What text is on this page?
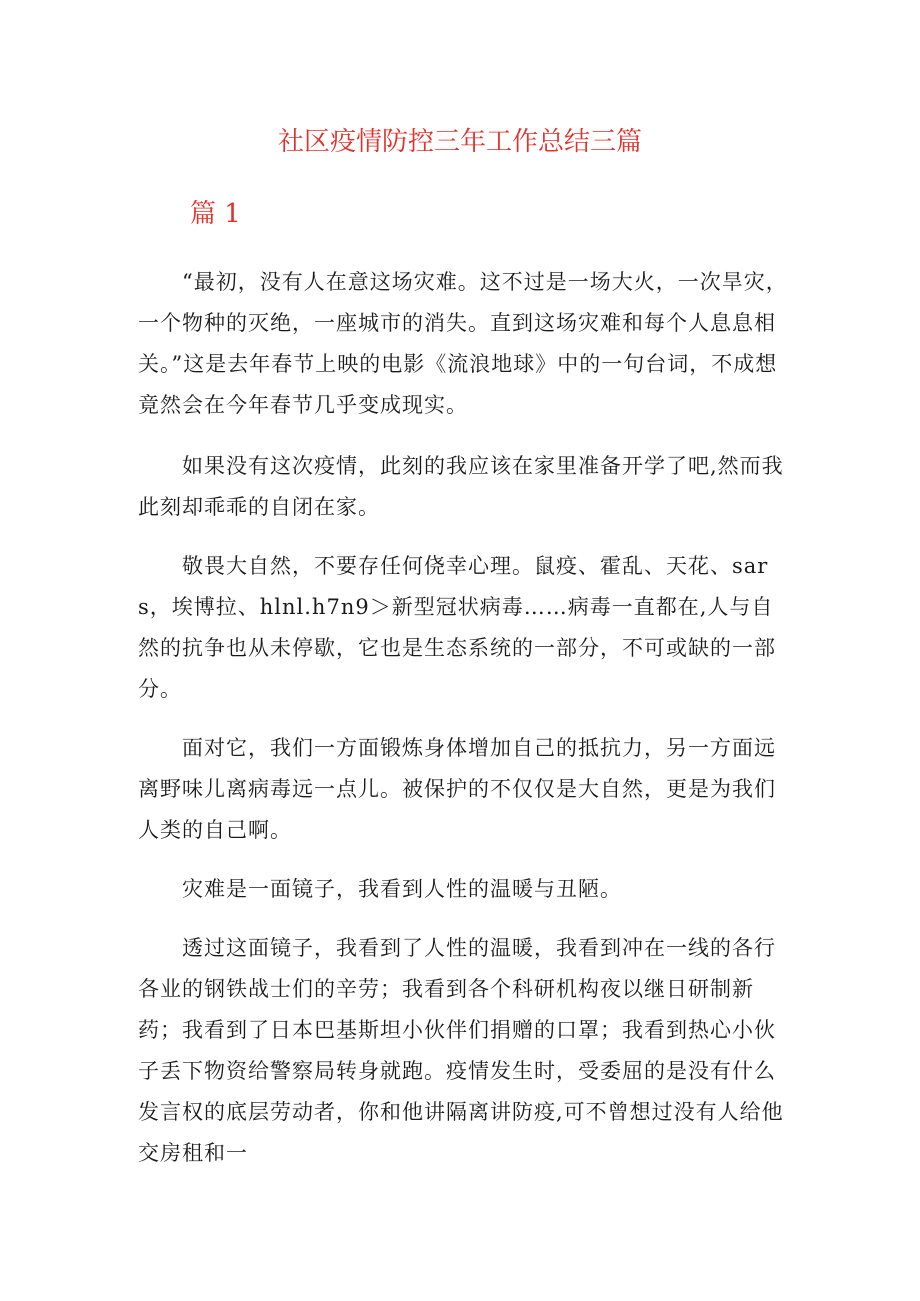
社区疫情防控三年工作总结三篇
篇 1

“最初，没有人在意这场灾难。这不过是一场大火，一次旱灾，一个物种的灭绝，一座城市的消失。直到这场灾难和每个人息息相关。”这是去年春节上映的电影《流浪地球》中的一句台词，不成想竟然会在今年春节几乎变成现实。

如果没有这次疫情，此刻的我应该在家里准备开学了吧,然而我此刻却乖乖的自闭在家。

敬畏大自然，不要存任何侥幸心理。鼠疫、霍乱、天花、sars，埃博拉、hlnl.h7n9＞新型冠状病毒……病毒一直都在,人与自然的抗争也从未停歇，它也是生态系统的一部分，不可或缺的一部分。

面对它，我们一方面锻炼身体增加自己的抵抗力，另一方面远离野味儿离病毒远一点儿。被保护的不仅仅是大自然，更是为我们人类的自己啊。

灾难是一面镜子，我看到人性的温暖与丑陋。

透过这面镜子，我看到了人性的温暖，我看到冲在一线的各行各业的钢铁战士们的辛劳；我看到各个科研机构夜以继日研制新药；我看到了日本巴基斯坦小伙伴们捐赠的口罩；我看到热心小伙子丢下物资给警察局转身就跑。疫情发生时，受委屈的是没有什么发言权的底层劳动者，你和他讲隔离讲防疫,可不曾想过没有人给他交房租和一
